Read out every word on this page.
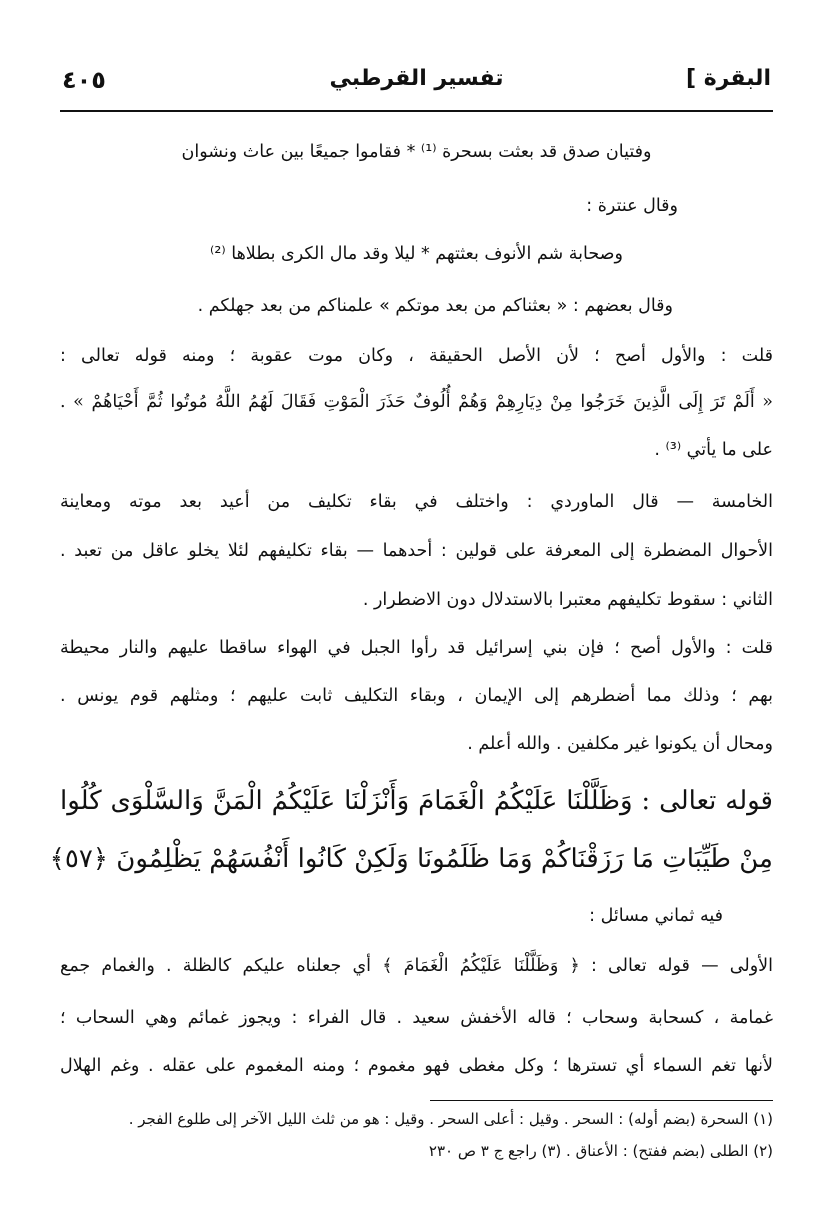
٤٠٥	تفسير القرطبي	البقرة ]
وفتيان صدق قد بعثت بسحرة ⁽¹⁾ * فقاموا جميعًا بين عاث ونشوان
وقال عنترة :
وصحابة شم الأنوف بعثتهم * ليلا وقد مال الكرى بطلاها ⁽²⁾
وقال بعضهم : « بعثناكم من بعد موتكم » علمناكم من بعد جهلكم .
قلت : والأول أصح ؛ لأن الأصل الحقيقة ، وكان موت عقوبة ؛ ومنه قوله تعالى :
« أَلَمْ تَرَ إِلَى الَّذِينَ خَرَجُوا مِنْ دِيَارِهِمْ وَهُمْ أُلُوفٌ حَذَرَ الْمَوْتِ فَقَالَ لَهُمُ اللَّهُ مُوتُوا ثُمَّ أَحْيَاهُمْ » .
على ما يأتي ⁽³⁾ .
الخامسة — قال الماوردي : واختلف في بقاء تكليف من أعيد بعد موته ومعاينة
الأحوال المضطرة إلى المعرفة على قولين : أحدهما — بقاء تكليفهم لئلا يخلو عاقل من تعبد .
الثاني : سقوط تكليفهم معتبرا بالاستدلال دون الاضطرار .
قلت : والأول أصح ؛ فإن بني إسرائيل قد رأوا الجبل في الهواء ساقطا عليهم والنار محيطة
بهم ؛ وذلك مما أضطرهم إلى الإيمان ، وبقاء التكليف ثابت عليهم ؛ ومثلهم قوم يونس .
ومحال أن يكونوا غير مكلفين . والله أعلم .
قوله تعالى : وَظَلَّلْنَا عَلَيْكُمُ الْغَمَامَ وَأَنْزَلْنَا عَلَيْكُمُ الْمَنَّ وَالسَّلْوَى كُلُوا
مِنْ طَيِّبَاتِ مَا رَزَقْنَاكُمْ وَمَا ظَلَمُونَا وَلَكِنْ كَانُوا أَنْفُسَهُمْ يَظْلِمُونَ ﴿٥٧﴾
فيه ثماني مسائل :
الأولى — قوله تعالى : ﴿ وَظَلَّلْنَا عَلَيْكُمُ الْغَمَامَ ﴾ أي جعلناه عليكم كالظلة . والغمام جمع
غمامة ، كسحابة وسحاب ؛ قاله الأخفش سعيد . قال الفراء : ويجوز غمائم وهي السحاب ؛
لأنها تغم السماء أي تسترها ؛ وكل مغطى فهو مغموم ؛ ومنه المغموم على عقله . وغم الهلال
(١) السحرة (بضم أوله) : السحر . وقيل : أعلى السحر . وقيل : هو من ثلث الليل الآخر إلى طلوع الفجر .
(٢) الطلى (بضم ففتح) : الأعناق . (٣) راجع ج ٣ ص ٢٣٠
